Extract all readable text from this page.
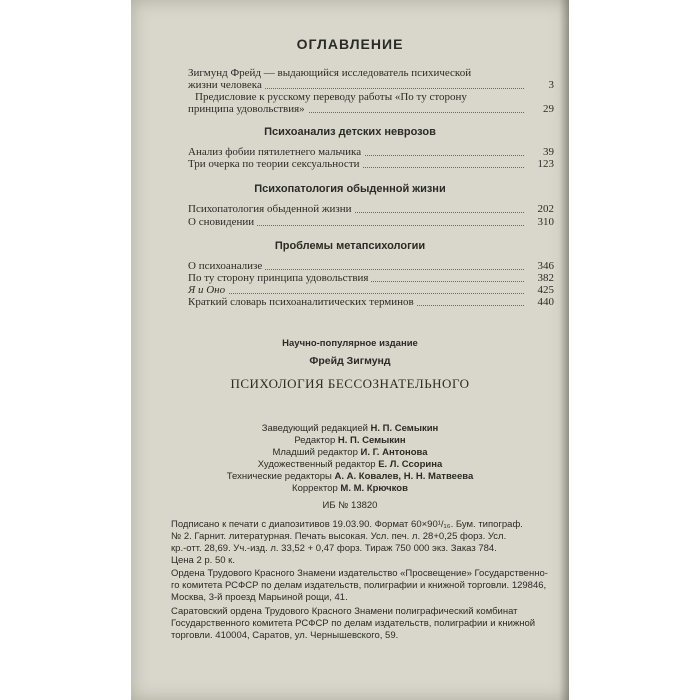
ОГЛАВЛЕНИЕ
Зигмунд Фрейд — выдающийся исследователь психической
жизни человека	3
Предисловие к русскому переводу работы «По ту сторону
принципа удовольствия»	29
Психоанализ детских неврозов
Анализ фобии пятилетнего мальчика	39
Три очерка по теории сексуальности	123
Психопатология обыденной жизни
Психопатология обыденной жизни	202
О сновидении	310
Проблемы метапсихологии
О психоанализе	346
По ту сторону принципа удовольствия	382
Я и Оно	425
Краткий словарь психоаналитических терминов	440
Научно-популярное издание
Фрейд Зигмунд
ПСИХОЛОГИЯ БЕССОЗНАТЕЛЬНОГО
Заведующий редакцией Н. П. Семыкин
Редактор Н. П. Семыкин
Младший редактор И. Г. Антонова
Художественный редактор Е. Л. Ссорина
Технические редакторы А. А. Ковалев, Н. Н. Матвеева
Корректор М. М. Крючков
ИБ № 13820
Подписано к печати с диапозитивов 19.03.90. Формат 60×90¹/₁₆. Бум. типограф.
№ 2. Гарнит. литературная. Печать высокая. Усл. печ. л. 28+0,25 форз. Усл.
кр.-отт. 28,69. Уч.-изд. л. 33,52 + 0,47 форз. Тираж 750 000 экз. Заказ 784.
Цена 2 р. 50 к.
Ордена Трудового Красного Знамени издательство «Просвещение» Государственно-
го комитета РСФСР по делам издательств, полиграфии и книжной торговли. 129846,
Москва, 3-й проезд Марьиной рощи, 41.
Саратовский ордена Трудового Красного Знамени полиграфический комбинат
Государственного комитета РСФСР по делам издательств, полиграфии и книжной
торговли. 410004, Саратов, ул. Чернышевского, 59.
